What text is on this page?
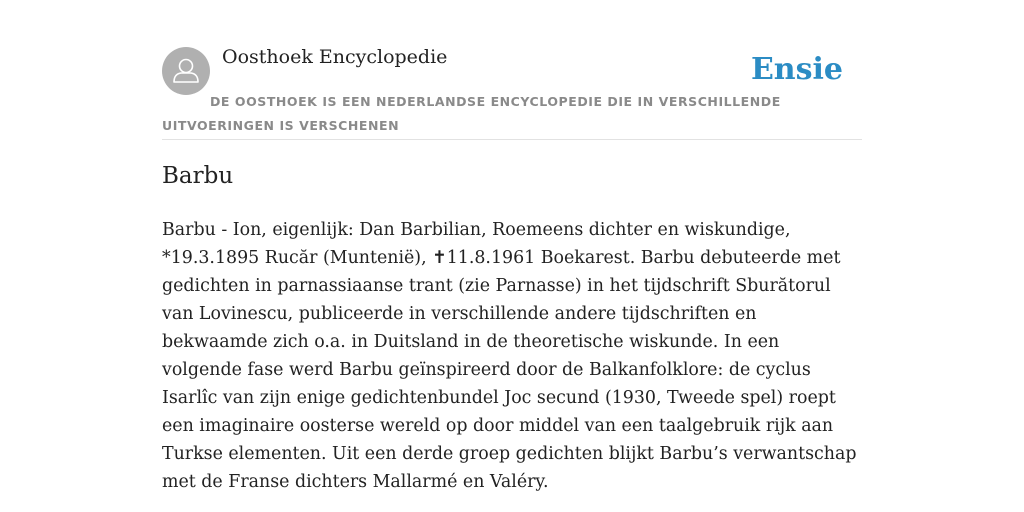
Oosthoek Encyclopedie	Ensie
DE OOSTHOEK IS EEN NEDERLANDSE ENCYCLOPEDIE DIE IN VERSCHILLENDE UITVOERINGEN IS VERSCHENEN
Barbu

Barbu - Ion, eigenlijk: Dan Barbilian, Roemeens dichter en wiskundige, *19.3.1895 Rucăr (Muntenië), ✝11.8.1961 Boekarest. Barbu debuteerde met gedichten in parnassiaanse trant (zie Parnasse) in het tijdschrift Sburătorul van Lovinescu, publiceerde in verschillende andere tijdschriften en bekwaamde zich o.a. in Duitsland in de theoretische wiskunde. In een volgende fase werd Barbu geïnspireerd door de Balkanfolklore: de cyclus Isarlîc van zijn enige gedichtenbundel Joc secund (1930, Tweede spel) roept een imaginaire oosterse wereld op door middel van een taalgebruik rijk aan Turkse elementen. Uit een derde groep gedichten blijkt Barbu’s verwantschap met de Franse dichters Mallarmé en Valéry.
